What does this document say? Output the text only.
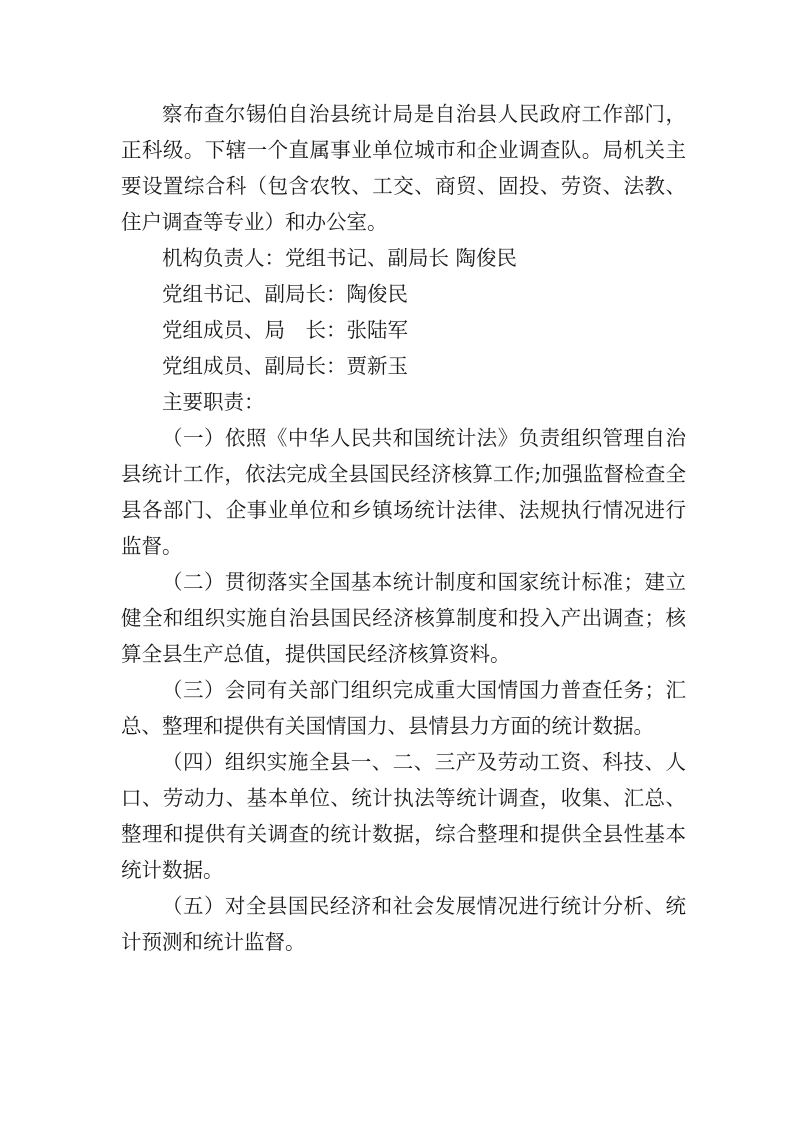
察布查尔锡伯自治县统计局是自治县人民政府工作部门，正科级。下辖一个直属事业单位城市和企业调查队。局机关主要设置综合科（包含农牧、工交、商贸、固投、劳资、法教、住户调查等专业）和办公室。

机构负责人：党组书记、副局长 陶俊民

党组书记、副局长：陶俊民

党组成员、局　长：张陆军

党组成员、副局长：贾新玉

主要职责：

（一）依照《中华人民共和国统计法》负责组织管理自治县统计工作，依法完成全县国民经济核算工作;加强监督检查全县各部门、企事业单位和乡镇场统计法律、法规执行情况进行监督。

（二）贯彻落实全国基本统计制度和国家统计标准；建立健全和组织实施自治县国民经济核算制度和投入产出调查；核算全县生产总值，提供国民经济核算资料。

（三）会同有关部门组织完成重大国情国力普查任务；汇总、整理和提供有关国情国力、县情县力方面的统计数据。

（四）组织实施全县一、二、三产及劳动工资、科技、人口、劳动力、基本单位、统计执法等统计调查，收集、汇总、整理和提供有关调查的统计数据，综合整理和提供全县性基本统计数据。

（五）对全县国民经济和社会发展情况进行统计分析、统计预测和统计监督。
